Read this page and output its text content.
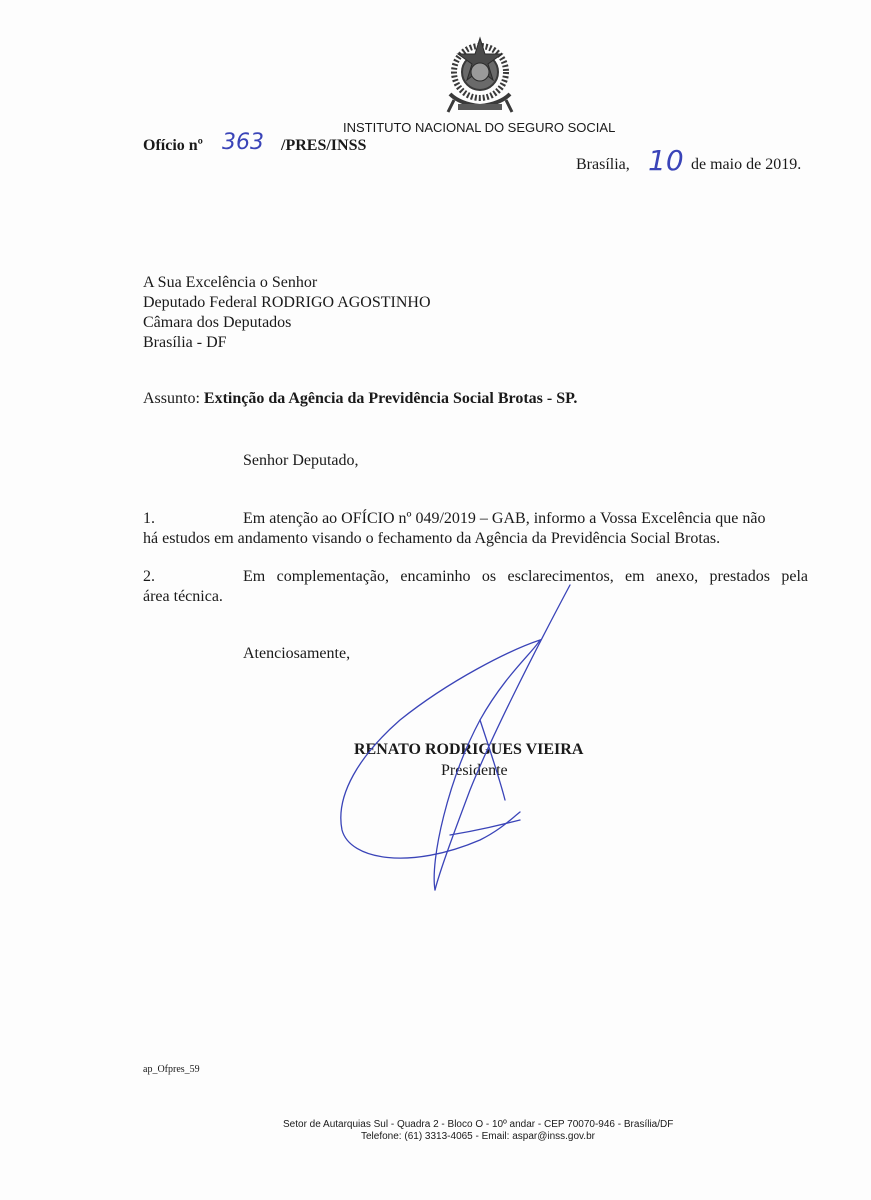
INSTITUTO NACIONAL DO SEGURO SOCIAL
Ofício nº 363 /PRES/INSS
Brasília, 10 de maio de 2019.
A Sua Excelência o Senhor
Deputado Federal RODRIGO AGOSTINHO
Câmara dos Deputados
Brasília - DF
Assunto: Extinção da Agência da Previdência Social Brotas - SP.
Senhor Deputado,
1.	Em atenção ao OFÍCIO nº 049/2019 – GAB, informo a Vossa Excelência que não
há estudos em andamento visando o fechamento da Agência da Previdência Social Brotas.
2.	Em complementação, encaminho os esclarecimentos, em anexo, prestados pela
área técnica.
Atenciosamente,
RENATO RODRIGUES VIEIRA
Presidente
ap_Ofpres_59
Setor de Autarquias Sul - Quadra 2 - Bloco O - 10º andar - CEP 70070-946 - Brasília/DF
Telefone: (61) 3313-4065 - Email: aspar@inss.gov.br
